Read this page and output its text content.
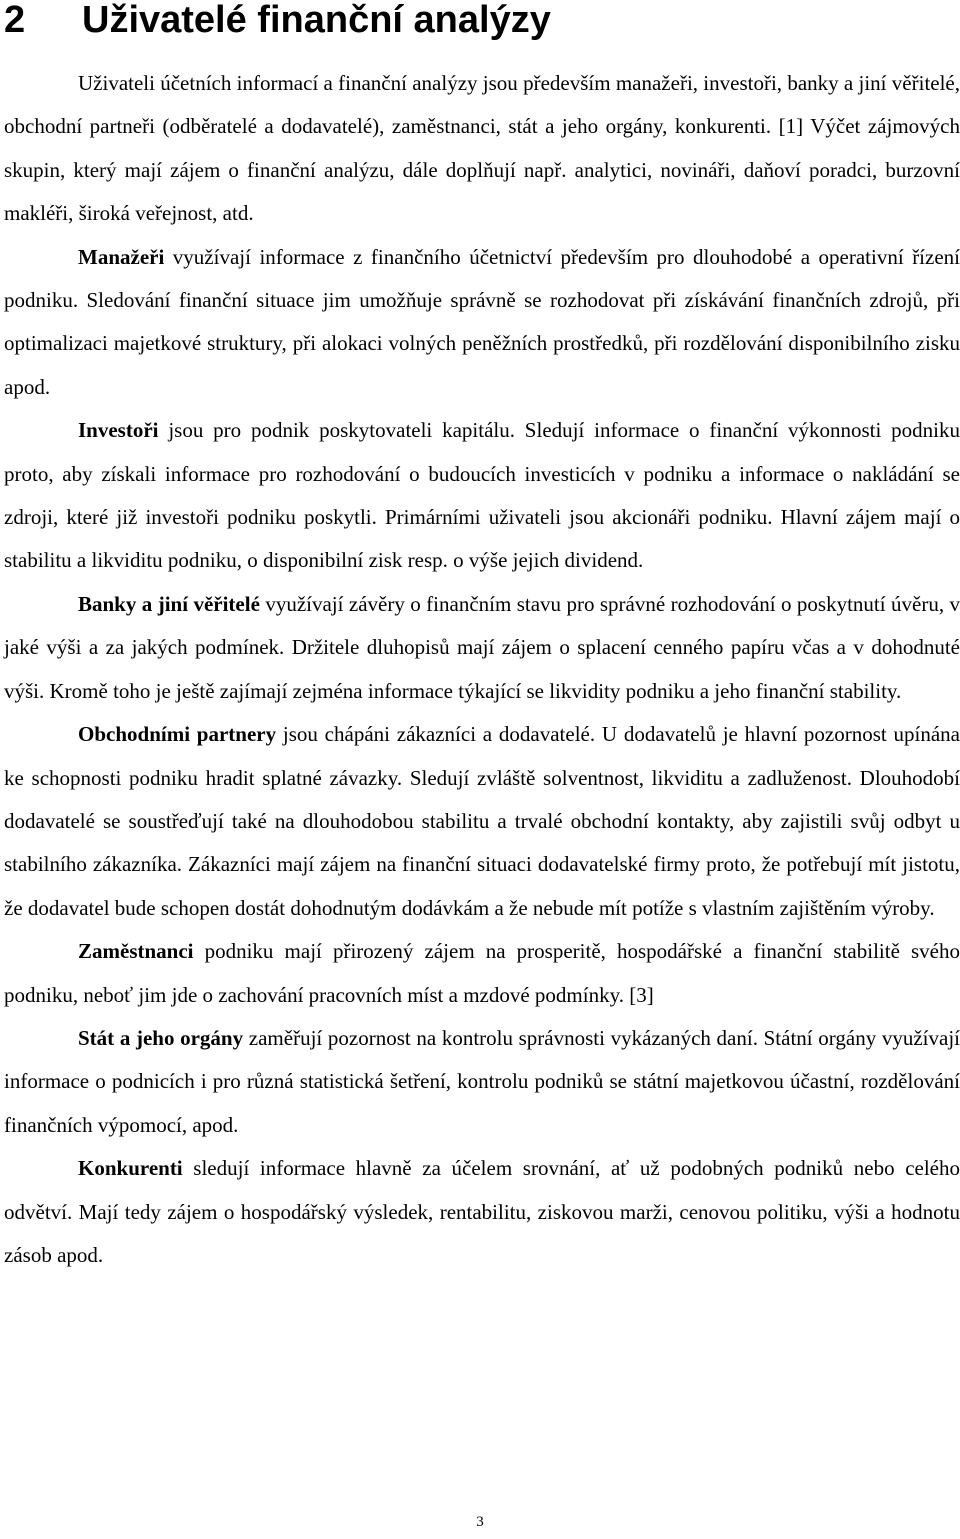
2 Uživatelé finanční analýzy

Uživateli účetních informací a finanční analýzy jsou především manažeři, investoři, banky a jiní věřitelé, obchodní partneři (odběratelé a dodavatelé), zaměstnanci, stát a jeho orgány, konkurenti. [1] Výčet zájmových skupin, který mají zájem o finanční analýzu, dále doplňují např. analytici, novináři, daňoví poradci, burzovní makléři, široká veřejnost, atd.

Manažeři využívají informace z finančního účetnictví především pro dlouhodobé a operativní řízení podniku. Sledování finanční situace jim umožňuje správně se rozhodovat při získávání finančních zdrojů, při optimalizaci majetkové struktury, při alokaci volných peněžních prostředků, při rozdělování disponibilního zisku apod.

Investoři jsou pro podnik poskytovateli kapitálu. Sledují informace o finanční výkonnosti podniku proto, aby získali informace pro rozhodování o budoucích investicích v podniku a informace o nakládání se zdroji, které již investoři podniku poskytli. Primárními uživateli jsou akcionáři podniku. Hlavní zájem mají o stabilitu a likviditu podniku, o disponibilní zisk resp. o výše jejich dividend.

Banky a jiní věřitelé využívají závěry o finančním stavu pro správné rozhodování o poskytnutí úvěru, v jaké výši a za jakých podmínek. Držitele dluhopisů mají zájem o splacení cenného papíru včas a v dohodnuté výši. Kromě toho je ještě zajímají zejména informace týkající se likvidity podniku a jeho finanční stability.

Obchodními partnery jsou chápáni zákazníci a dodavatelé. U dodavatelů je hlavní pozornost upínána ke schopnosti podniku hradit splatné závazky. Sledují zvláště solventnost, likviditu a zadluženost. Dlouhodobí dodavatelé se soustřeďují také na dlouhodobou stabilitu a trvalé obchodní kontakty, aby zajistili svůj odbyt u stabilního zákazníka. Zákazníci mají zájem na finanční situaci dodavatelské firmy proto, že potřebují mít jistotu, že dodavatel bude schopen dostát dohodnutým dodávkám a že nebude mít potíže s vlastním zajištěním výroby.

Zaměstnanci podniku mají přirozený zájem na prosperitě, hospodářské a finanční stabilitě svého podniku, neboť jim jde o zachování pracovních míst a mzdové podmínky. [3]

Stát a jeho orgány zaměřují pozornost na kontrolu správnosti vykázaných daní. Státní orgány využívají informace o podnicích i pro různá statistická šetření, kontrolu podniků se státní majetkovou účastní, rozdělování finančních výpomocí, apod.

Konkurenti sledují informace hlavně za účelem srovnání, ať už podobných podniků nebo celého odvětví. Mají tedy zájem o hospodářský výsledek, rentabilitu, ziskovou marži, cenovou politiku, výši a hodnotu zásob apod.

3
